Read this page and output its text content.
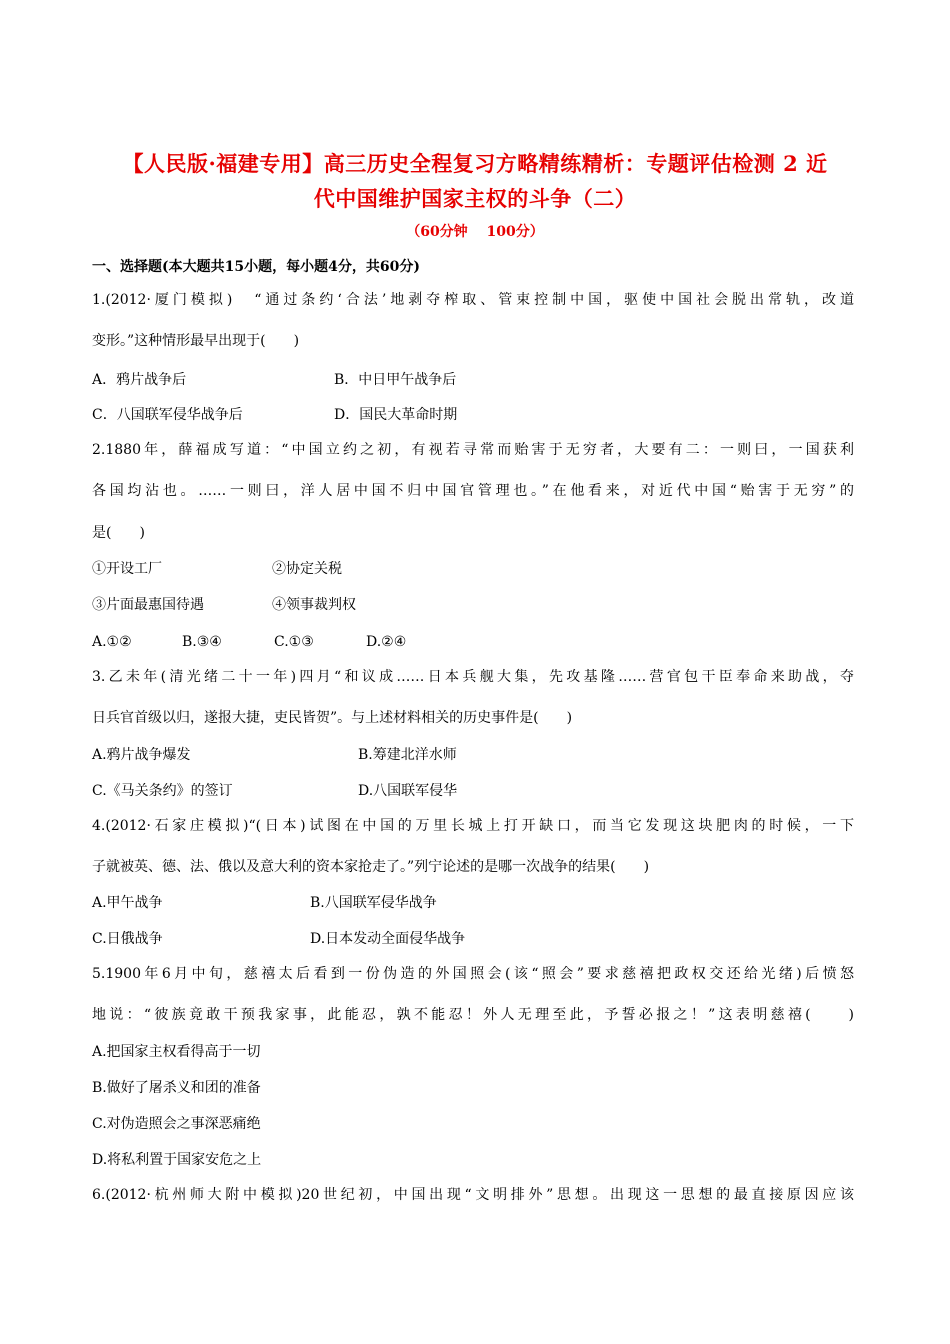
【人民版·福建专用】高三历史全程复习方略精练精析：专题评估检测 2 近
代中国维护国家主权的斗争（二）
（60分钟　 100分）
一、选择题(本大题共15小题，每小题4分，共60分)
1.(2012·厦门模拟)　“通过条约‘合法’地剥夺榨取、管束控制中国，驱使中国社会脱出常轨，改道
变形。”这种情形最早出现于(　　)
A．鸦片战争后	B．中日甲午战争后
C．八国联军侵华战争后	D．国民大革命时期
2.1880年，薛福成写道：“中国立约之初，有视若寻常而贻害于无穷者，大要有二：一则曰，一国获利
各国均沾也。……一则曰，洋人居中国不归中国官管理也。”在他看来，对近代中国“贻害于无穷”的
是(　　)
①开设工厂	②协定关税
③片面最惠国待遇	④领事裁判权
A.①②	B.③④	C.①③	D.②④
3.乙未年(清光绪二十一年)四月“和议成……日本兵舰大集，先攻基隆……营官包干臣奉命来助战，夺
日兵官首级以归，遂报大捷，吏民皆贺”。与上述材料相关的历史事件是(　　)
A.鸦片战争爆发	B.筹建北洋水师
C.《马关条约》的签订	D.八国联军侵华
4.(2012·石家庄模拟)“(日本)试图在中国的万里长城上打开缺口，而当它发现这块肥肉的时候，一下
子就被英、德、法、俄以及意大利的资本家抢走了。”列宁论述的是哪一次战争的结果(　　)
A.甲午战争	B.八国联军侵华战争
C.日俄战争	D.日本发动全面侵华战争
5.1900年6月中旬，慈禧太后看到一份伪造的外国照会(该“照会”要求慈禧把政权交还给光绪)后愤怒
地说：“彼族竟敢干预我家事，此能忍，孰不能忍！外人无理至此，予誓必报之！”这表明慈禧(　　)
A.把国家主权看得高于一切
B.做好了屠杀义和团的准备
C.对伪造照会之事深恶痛绝
D.将私利置于国家安危之上
6.(2012·杭州师大附中模拟)20世纪初，中国出现“文明排外”思想。出现这一思想的最直接原因应该
